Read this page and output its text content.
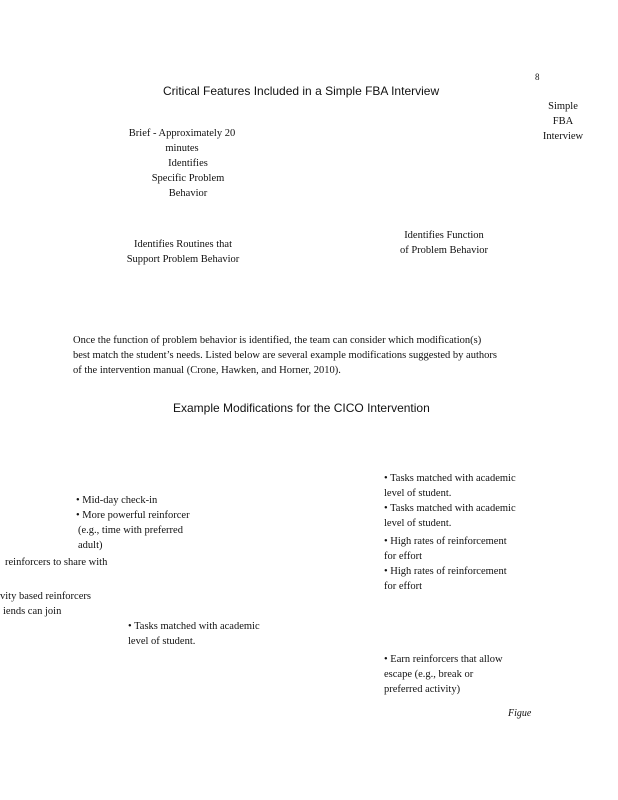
8
Critical Features Included in a Simple FBA Interview
Simple
FBA
Interview
Brief - Approximately 20
minutes
Identifies
Specific Problem
Behavior
Identifies Function
of Problem Behavior
Identifies Routines that
Support Problem Behavior
Once the function of problem behavior is identified, the team can consider which modification(s)
best match the student’s needs. Listed below are several example modifications suggested by authors
of the intervention manual (Crone, Hawken, and Horner, 2010).
Example Modifications for the CICO Intervention
• Mid-day check-in
• More powerful reinforcer
(e.g., time with preferred
adult)
reinforcers to share with
vity based reinforcers
iends can join
• Tasks matched with academic
level of student.
• Tasks matched with academic
level of student.
• Tasks matched with academic
level of student.
• High rates of reinforcement
for effort
• High rates of reinforcement
for effort
• Earn reinforcers that allow
escape (e.g., break or
preferred activity)
Figue
